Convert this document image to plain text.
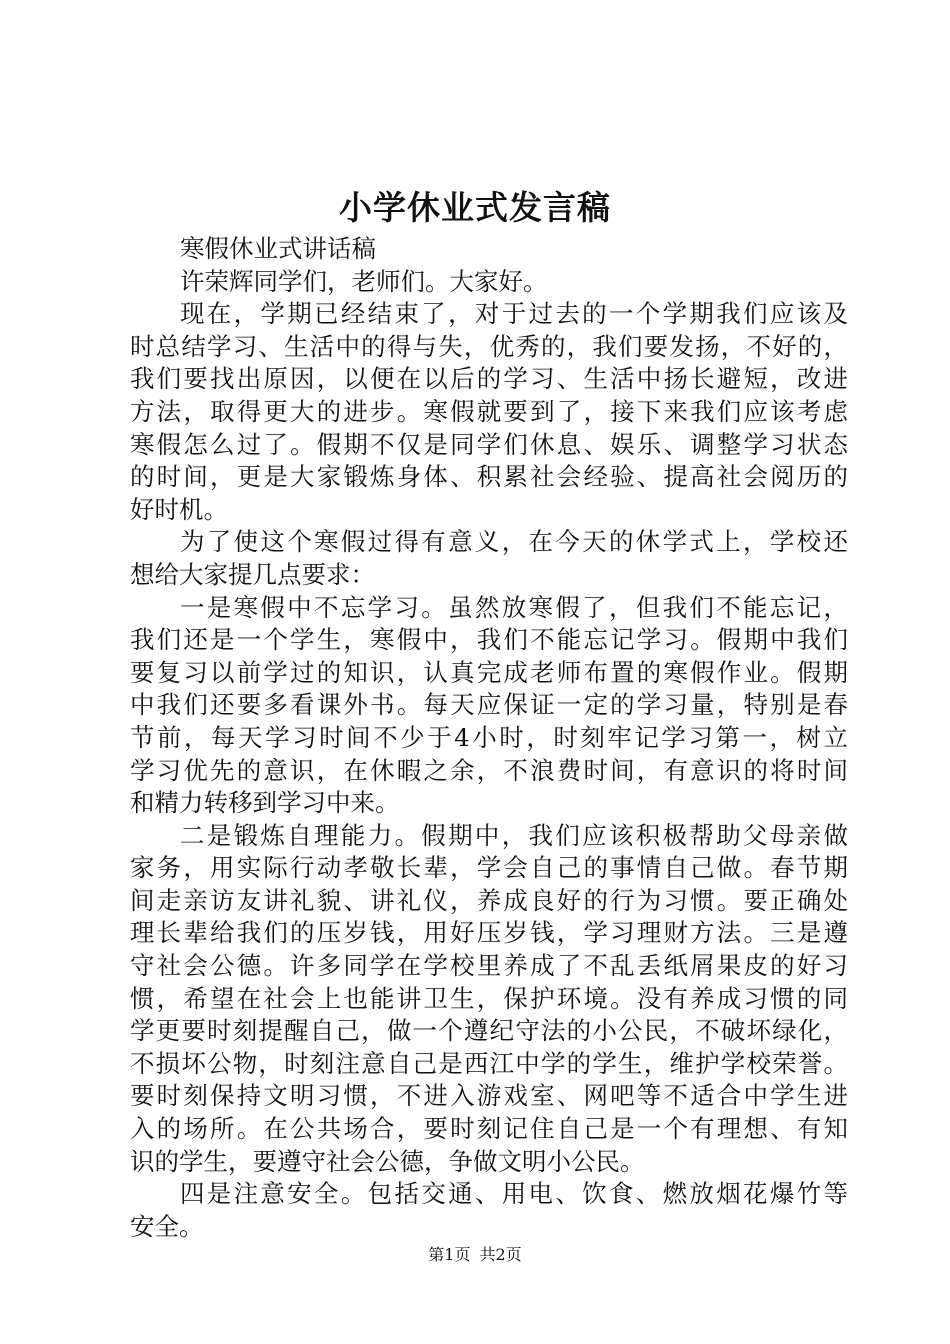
小学休业式发言稿
寒假休业式讲话稿
许荣辉同学们，老师们。大家好。
现在，学期已经结束了，对于过去的一个学期我们应该及
时总结学习、生活中的得与失，优秀的，我们要发扬，不好的，
我们要找出原因，以便在以后的学习、生活中扬长避短，改进
方法，取得更大的进步。寒假就要到了，接下来我们应该考虑
寒假怎么过了。假期不仅是同学们休息、娱乐、调整学习状态
的时间，更是大家锻炼身体、积累社会经验、提高社会阅历的
好时机。
为了使这个寒假过得有意义，在今天的休学式上，学校还
想给大家提几点要求：
一是寒假中不忘学习。虽然放寒假了，但我们不能忘记，
我们还是一个学生，寒假中，我们不能忘记学习。假期中我们
要复习以前学过的知识，认真完成老师布置的寒假作业。假期
中我们还要多看课外书。每天应保证一定的学习量，特别是春
节前，每天学习时间不少于4小时，时刻牢记学习第一，树立
学习优先的意识，在休暇之余，不浪费时间，有意识的将时间
和精力转移到学习中来。
二是锻炼自理能力。假期中，我们应该积极帮助父母亲做
家务，用实际行动孝敬长辈，学会自己的事情自己做。春节期
间走亲访友讲礼貌、讲礼仪，养成良好的行为习惯。要正确处
理长辈给我们的压岁钱，用好压岁钱，学习理财方法。三是遵
守社会公德。许多同学在学校里养成了不乱丢纸屑果皮的好习
惯，希望在社会上也能讲卫生，保护环境。没有养成习惯的同
学更要时刻提醒自己，做一个遵纪守法的小公民，不破坏绿化，
不损坏公物，时刻注意自己是西江中学的学生，维护学校荣誉。
要时刻保持文明习惯，不进入游戏室、网吧等不适合中学生进
入的场所。在公共场合，要时刻记住自己是一个有理想、有知
识的学生，要遵守社会公德，争做文明小公民。
四是注意安全。包括交通、用电、饮食、燃放烟花爆竹等
安全。
第1页 共2页
